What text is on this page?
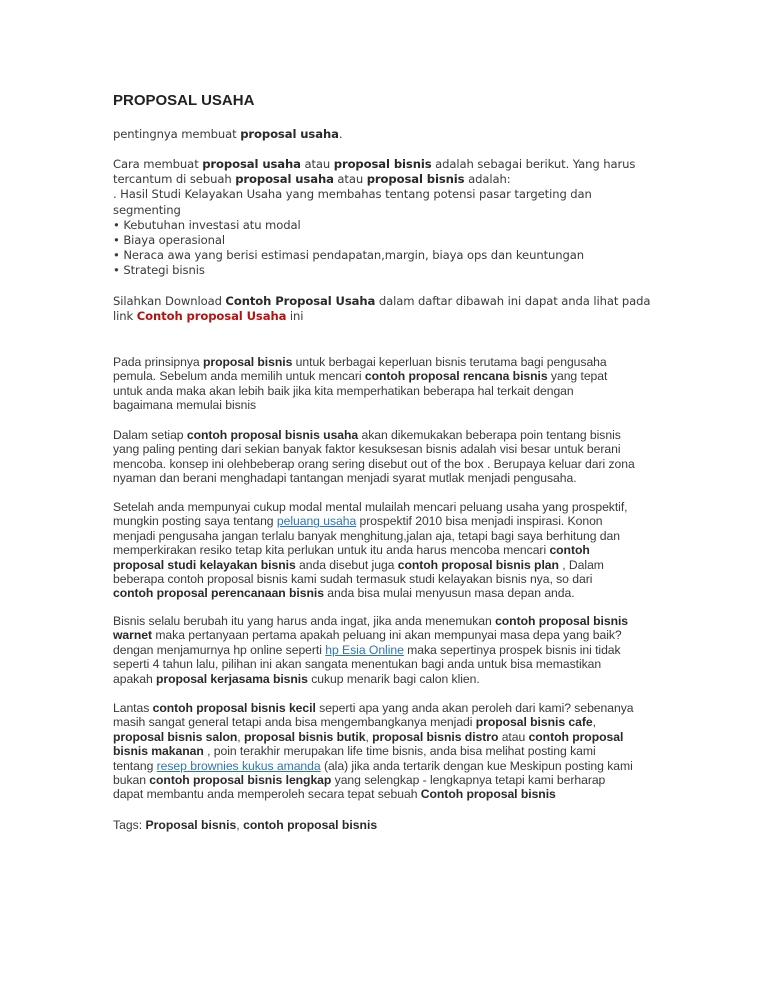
PROPOSAL USAHA

pentingnya membuat proposal usaha.

Cara membuat proposal usaha atau proposal bisnis adalah sebagai berikut. Yang harus
tercantum di sebuah proposal usaha atau proposal bisnis adalah:
. Hasil Studi Kelayakan Usaha yang membahas tentang potensi pasar targeting dan
segmenting
• Kebutuhan investasi atu modal
• Biaya operasional
• Neraca awa yang berisi estimasi pendapatan,margin, biaya ops dan keuntungan
• Strategi bisnis
Silahkan Download Contoh Proposal Usaha dalam daftar dibawah ini dapat anda lihat pada
link Contoh proposal Usaha ini
Pada prinsipnya proposal bisnis untuk berbagai keperluan bisnis terutama bagi pengusaha
pemula. Sebelum anda memilih untuk mencari contoh proposal rencana bisnis yang tepat
untuk anda maka akan lebih baik jika kita memperhatikan beberapa hal terkait dengan
bagaimana memulai bisnis
Dalam setiap contoh proposal bisnis usaha akan dikemukakan beberapa poin tentang bisnis
yang paling penting dari sekian banyak faktor kesuksesan bisnis adalah visi besar untuk berani
mencoba. konsep ini olehbeberap orang sering disebut out of the box . Berupaya keluar dari zona
nyaman dan berani menghadapi tantangan menjadi syarat mutlak menjadi pengusaha.
Setelah anda mempunyai cukup modal mental mulailah mencari peluang usaha yang prospektif,
mungkin posting saya tentang peluang usaha prospektif 2010 bisa menjadi inspirasi. Konon
menjadi pengusaha jangan terlalu banyak menghitung,jalan aja, tetapi bagi saya berhitung dan
memperkirakan resiko tetap kita perlukan untuk itu anda harus mencoba mencari contoh
proposal studi kelayakan bisnis anda disebut juga contoh proposal bisnis plan , Dalam
beberapa contoh proposal bisnis kami sudah termasuk studi kelayakan bisnis nya, so dari
contoh proposal perencanaan bisnis anda bisa mulai menyusun masa depan anda.
Bisnis selalu berubah itu yang harus anda ingat, jika anda menemukan contoh proposal bisnis
warnet maka pertanyaan pertama apakah peluang ini akan mempunyai masa depa yang baik?
dengan menjamurnya hp online seperti hp Esia Online maka sepertinya prospek bisnis ini tidak
seperti 4 tahun lalu, pilihan ini akan sangata menentukan bagi anda untuk bisa memastikan
apakah proposal kerjasama bisnis cukup menarik bagi calon klien.
Lantas contoh proposal bisnis kecil seperti apa yang anda akan peroleh dari kami? sebenanya
masih sangat general tetapi anda bisa mengembangkanya menjadi proposal bisnis cafe,
proposal bisnis salon, proposal bisnis butik, proposal bisnis distro atau contoh proposal
bisnis makanan , poin terakhir merupakan life time bisnis, anda bisa melihat posting kami
tentang resep brownies kukus amanda (ala) jika anda tertarik dengan kue Meskipun posting kami
bukan contoh proposal bisnis lengkap yang selengkap - lengkapnya tetapi kami berharap
dapat membantu anda memperoleh secara tepat sebuah Contoh proposal bisnis

Tags: Proposal bisnis, contoh proposal bisnis
